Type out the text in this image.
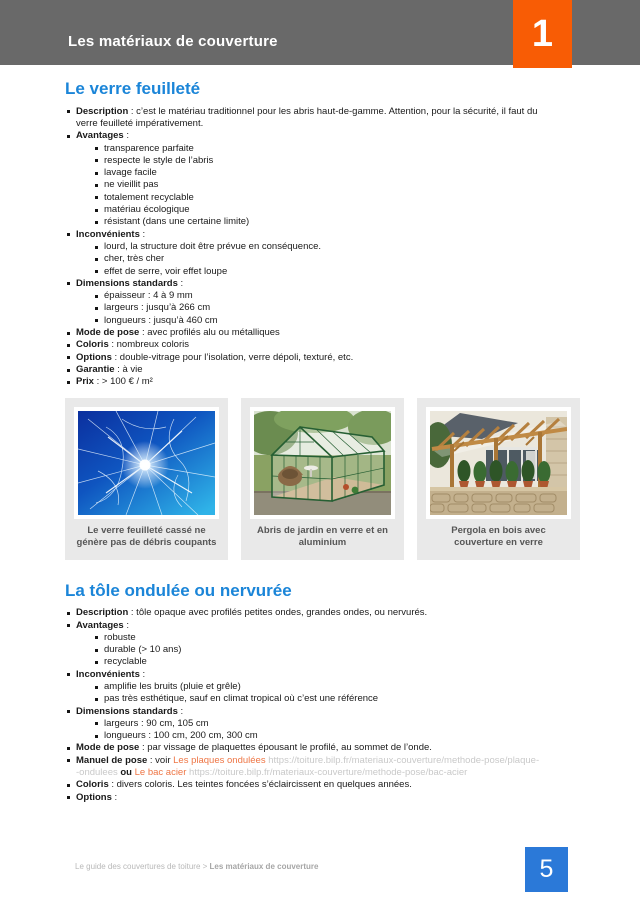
Les matériaux de couverture	1
Le verre feuilleté
Description : c’est le matériau traditionnel pour les abris haut-de-gamme. Attention, pour la sécurité, il faut du
verre feuilleté impérativement.
Avantages :
transparence parfaite
respecte le style de l’abris
lavage facile
ne vieillit pas
totalement recyclable
matériau écologique
résistant (dans une certaine limite)
Inconvénients :
lourd, la structure doit être prévue en conséquence.
cher, très cher
effet de serre, voir effet loupe
Dimensions standards :
épaisseur : 4 à 9 mm
largeurs : jusqu’à 266 cm
longueurs : jusqu’à 460 cm
Mode de pose : avec profilés alu ou métalliques
Coloris : nombreux coloris
Options : double-vitrage pour l’isolation, verre dépoli, texturé, etc.
Garantie : à vie
Prix : > 100 € / m²
Le verre feuilleté cassé ne génère pas de débris coupants
Abris de jardin en verre et en aluminium
Pergola en bois avec couverture en verre
La tôle ondulée ou nervurée
Description : tôle opaque avec profilés petites ondes, grandes ondes, ou nervurés.
Avantages :
robuste
durable (> 10 ans)
recyclable
Inconvénients :
amplifie les bruits (pluie et grêle)
pas très esthétique, sauf en climat tropical où c’est une référence
Dimensions standards :
largeurs : 90 cm, 105 cm
longueurs : 100 cm, 200 cm, 300 cm
Mode de pose : par vissage de plaquettes épousant le profilé, au sommet de l’onde.
Manuel de pose : voir Les plaques ondulées https://toiture.bilp.fr/materiaux-couverture/methode-pose/plaque-
-ondulees ou Le bac acier https://toiture.bilp.fr/materiaux-couverture/methode-pose/bac-acier
Coloris : divers coloris. Les teintes foncées s’éclaircissent en quelques années.
Options :
Le guide des couvertures de toiture > Les matériaux de couverture	5
